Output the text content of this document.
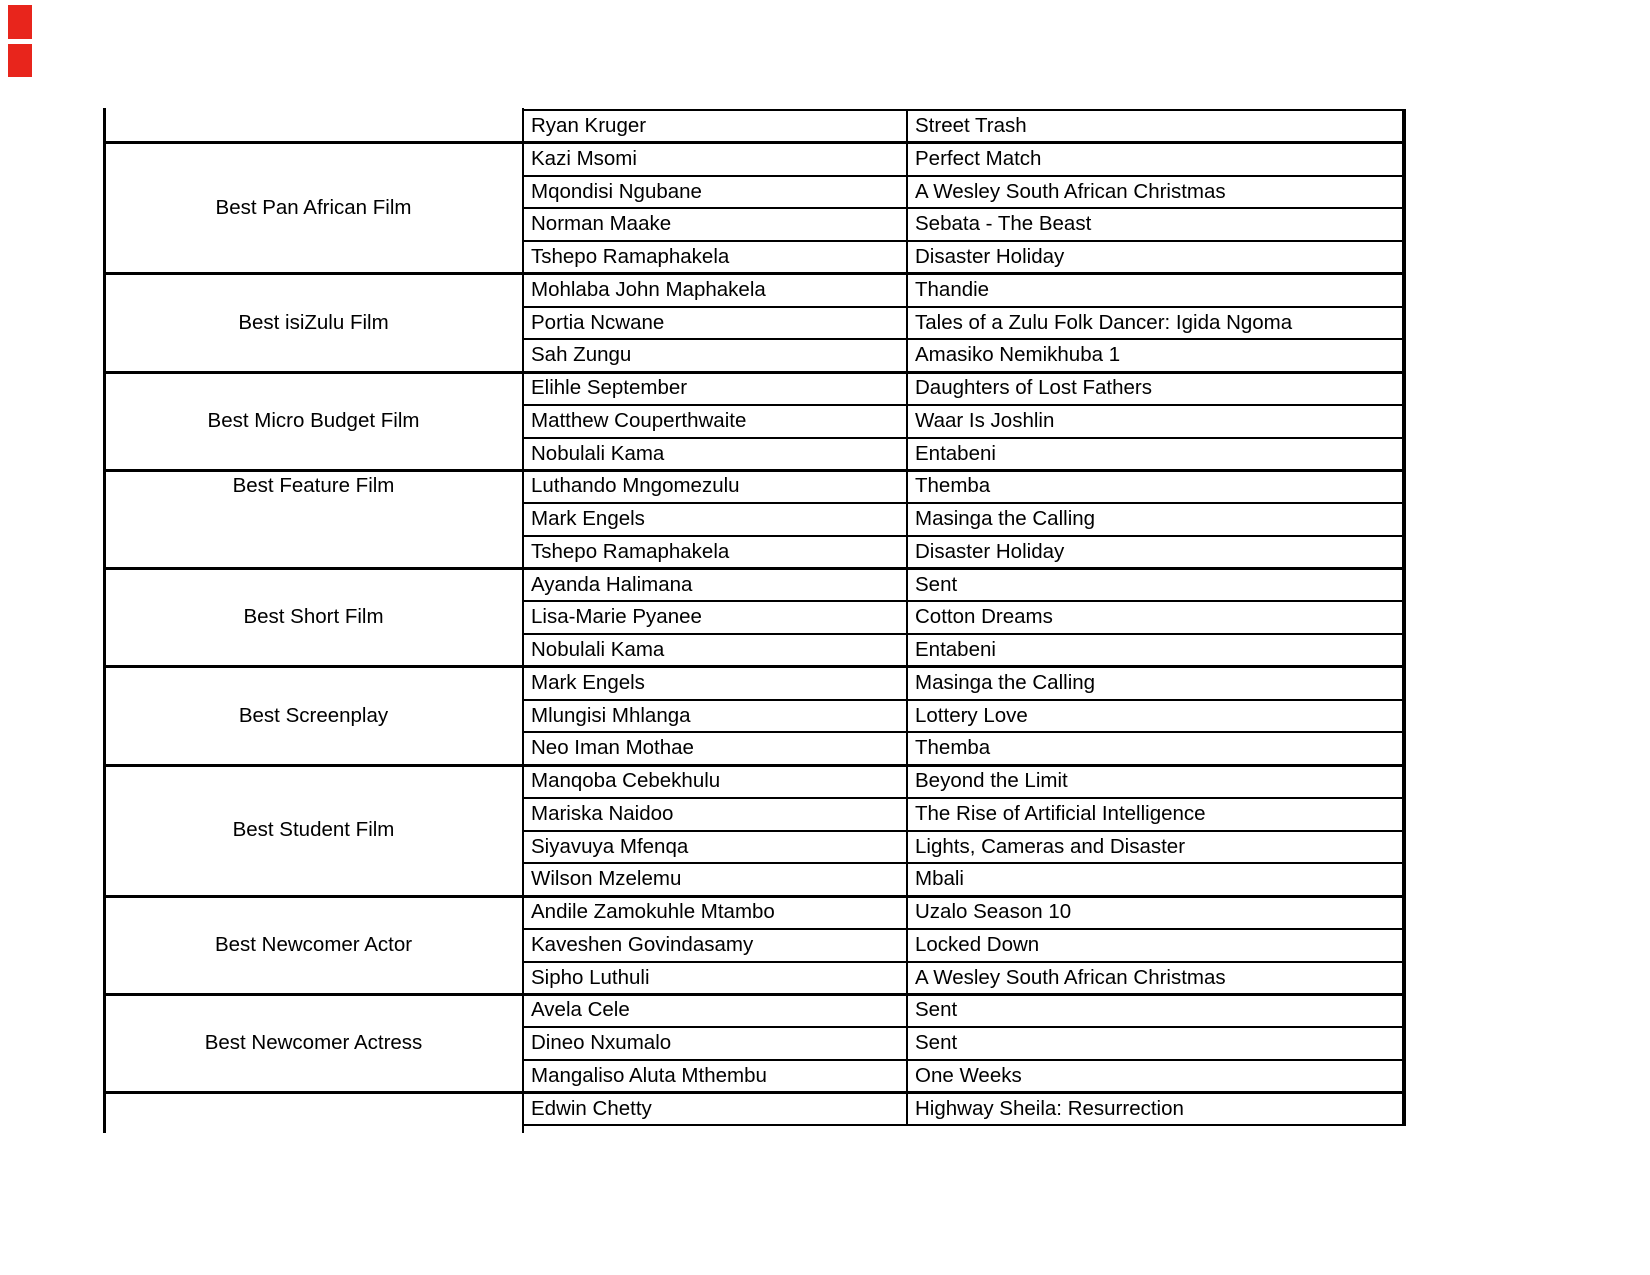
Ryan Kruger	Street Trash
Best Pan African Film
Kazi Msomi	Perfect Match
Mqondisi Ngubane	A Wesley South African Christmas
Norman Maake	Sebata - The Beast
Tshepo Ramaphakela	Disaster Holiday
Best isiZulu Film
Mohlaba John Maphakela	Thandie
Portia Ncwane	Tales of a Zulu Folk Dancer: Igida Ngoma
Sah Zungu	Amasiko Nemikhuba 1
Best Micro Budget Film
Elihle September	Daughters of Lost Fathers
Matthew Couperthwaite	Waar Is Joshlin
Nobulali Kama	Entabeni
Best Feature Film	Luthando Mngomezulu	Themba
Mark Engels	Masinga the Calling
Tshepo Ramaphakela	Disaster Holiday
Best Short Film
Ayanda Halimana	Sent
Lisa-Marie Pyanee	Cotton Dreams
Nobulali Kama	Entabeni
Best Screenplay
Mark Engels	Masinga the Calling
Mlungisi Mhlanga	Lottery Love
Neo Iman Mothae	Themba
Best Student Film
Manqoba Cebekhulu	Beyond the Limit
Mariska Naidoo	The Rise of Artificial Intelligence
Siyavuya Mfenqa	Lights, Cameras and Disaster
Wilson Mzelemu	Mbali
Best Newcomer Actor
Andile Zamokuhle Mtambo	Uzalo Season 10
Kaveshen Govindasamy	Locked Down
Sipho Luthuli	A Wesley South African Christmas
Best Newcomer Actress
Avela Cele	Sent
Dineo Nxumalo	Sent
Mangaliso Aluta Mthembu	One Weeks
Edwin Chetty	Highway Sheila: Resurrection
